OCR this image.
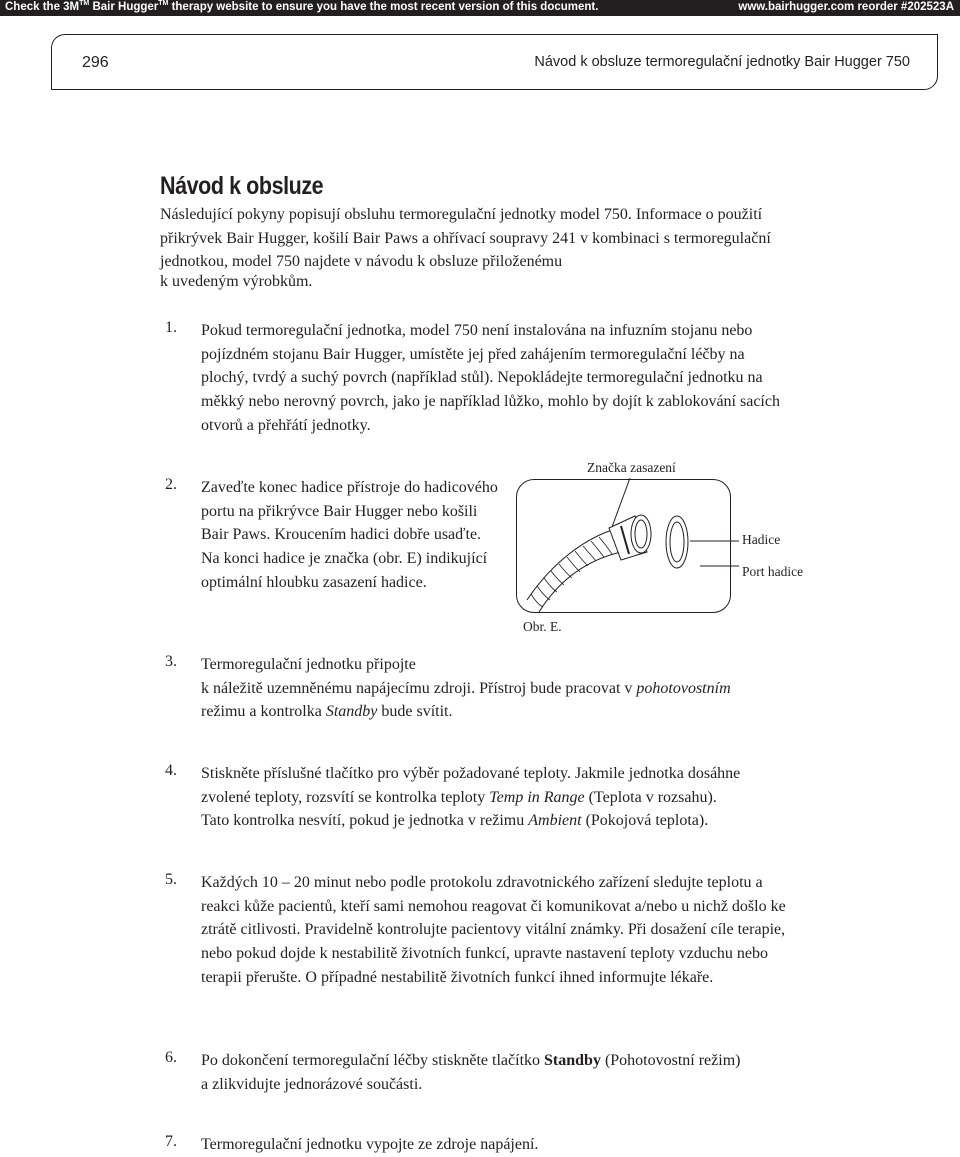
Check the 3M™ Bair Hugger™ therapy website to ensure you have the most recent version of this document.	www.bairhugger.com reorder #202523A
296	Návod k obsluze termoregulační jednotky Bair Hugger 750
Návod k obsluze

Následující pokyny popisují obsluhu termoregulační jednotky model 750. Informace o použití přikrývek Bair Hugger, košilí Bair Paws a ohřívací soupravy 241 v kombinaci s termoregulační jednotkou, model 750 najdete v návodu k obsluze přiloženému

k uvedeným výrobkům.

1. Pokud termoregulační jednotka, model 750 není instalována na infuzním stojanu nebo pojízdném stojanu Bair Hugger, umístěte jej před zahájením termoregulační léčby na plochý, tvrdý a suchý povrch (například stůl). Nepokládejte termoregulační jednotku na měkký nebo nerovný povrch, jako je například lůžko, mohlo by dojít k zablokování sacích otvorů a přehřátí jednotky.

2. Zaveďte konec hadice přístroje do hadicového portu na přikrývce Bair Hugger nebo košili Bair Paws. Kroucením hadici dobře usaďte. Na konci hadice je značka (obr. E) indikující optimální hloubku zasazení hadice.

Značka zasazení
Hadice
Port hadice
Obr. E.
3. Termoregulační jednotku připojte
k náležitě uzemněnému napájecímu zdroji. Přístroj bude pracovat v pohotovostním
režimu a kontrolka Standby bude svítit.
4. Stiskněte příslušné tlačítko pro výběr požadované teploty. Jakmile jednotka dosáhne
zvolené teploty, rozsvítí se kontrolka teploty Temp in Range (Teplota v rozsahu).
Tato kontrolka nesvítí, pokud je jednotka v režimu Ambient (Pokojová teplota).
5. Každých 10 – 20 minut nebo podle protokolu zdravotnického zařízení sledujte teplotu a reakci kůže pacientů, kteří sami nemohou reagovat či komunikovat a/nebo u nichž došlo ke ztrátě citlivosti. Pravidelně kontrolujte pacientovy vitální známky. Při dosažení cíle terapie, nebo pokud dojde k nestabilitě životních funkcí, upravte nastavení teploty vzduchu nebo terapii přerušte. O případné nestabilitě životních funkcí ihned informujte lékaře.

6. Po dokončení termoregulační léčby stiskněte tlačítko Standby (Pohotovostní režim)
a zlikvidujte jednorázové součásti.
7. Termoregulační jednotku vypojte ze zdroje napájení.
